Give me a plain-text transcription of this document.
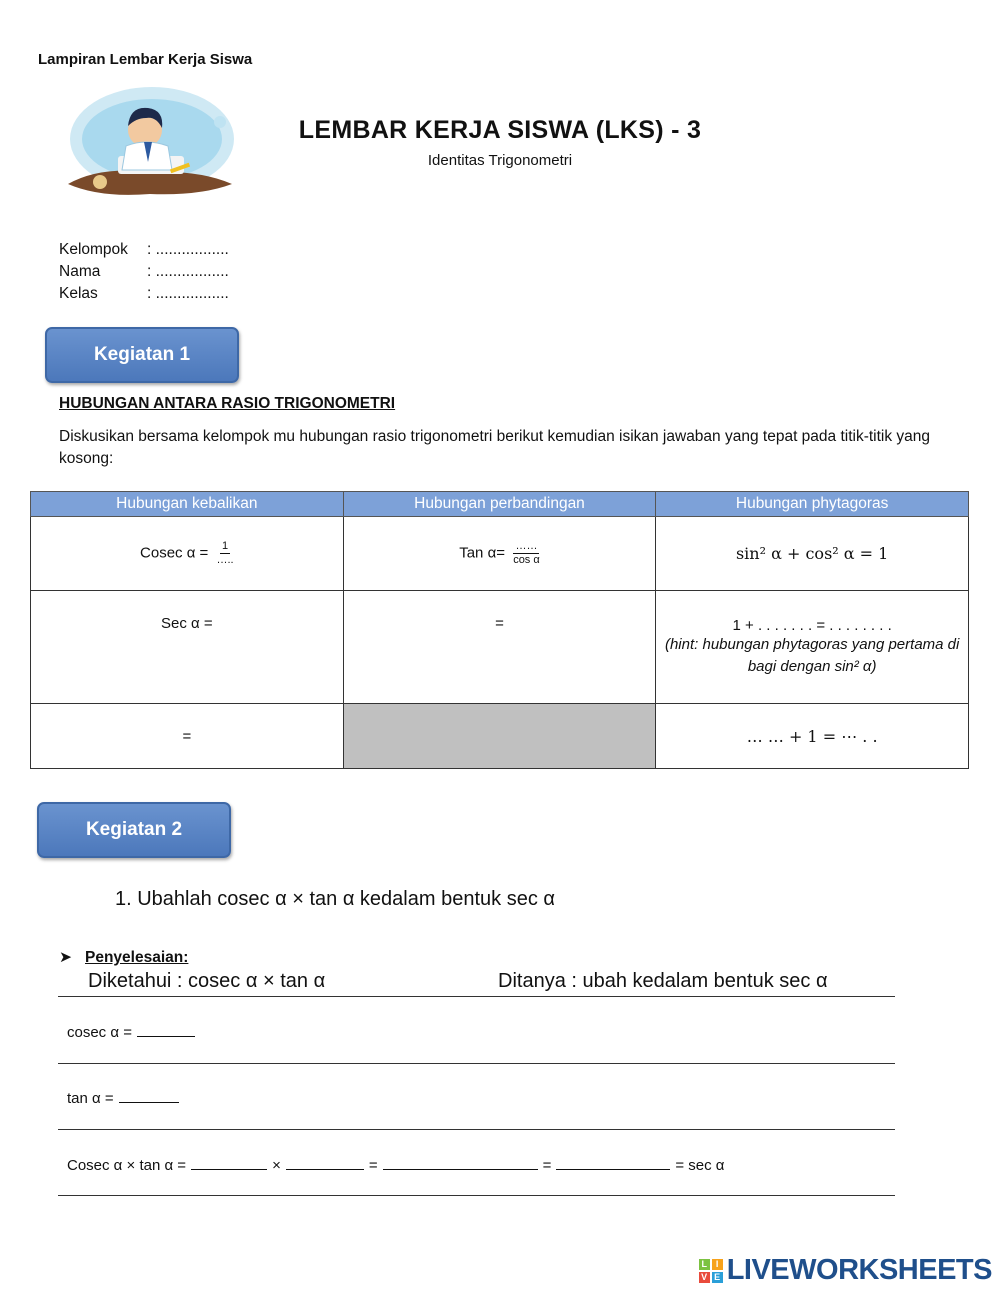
Lampiran Lembar Kerja Siswa
LEMBAR KERJA SISWA (LKS) - 3
Identitas Trigonometri
Kelompok : .................
Nama	: .................
Kelas	: .................
Kegiatan 1
HUBUNGAN ANTARA RASIO TRIGONOMETRI
Diskusikan bersama kelompok mu hubungan rasio trigonometri berikut kemudian isikan jawaban yang tepat pada titik-titik yang kosong:
Hubungan kebalikan	Hubungan perbandingan	Hubungan phytagoras
Cosec $\alpha = \frac{1}{\dots..}$	Tan $\alpha= \frac{\dots\dots}{\text{cos α}}$	sin² α + cos² α = 1
Sec α =	=	1 + . . . . . . . = . . . . . . . .
(hint: hubungan phytagoras yang pertama di bagi dengan sin² α)

=		… … + 1 = ⋯ . .
Kegiatan 2
1. Ubahlah cosec α × tan α kedalam bentuk sec α
➤ Penyelesaian:
Diketahui : cosec α × tan α	Ditanya : ubah kedalam bentuk sec α
cosec α =
tan α =
Cosec α × tan α =	×	=	=	= sec α
L I
V E LIVEWORKSHEETS
